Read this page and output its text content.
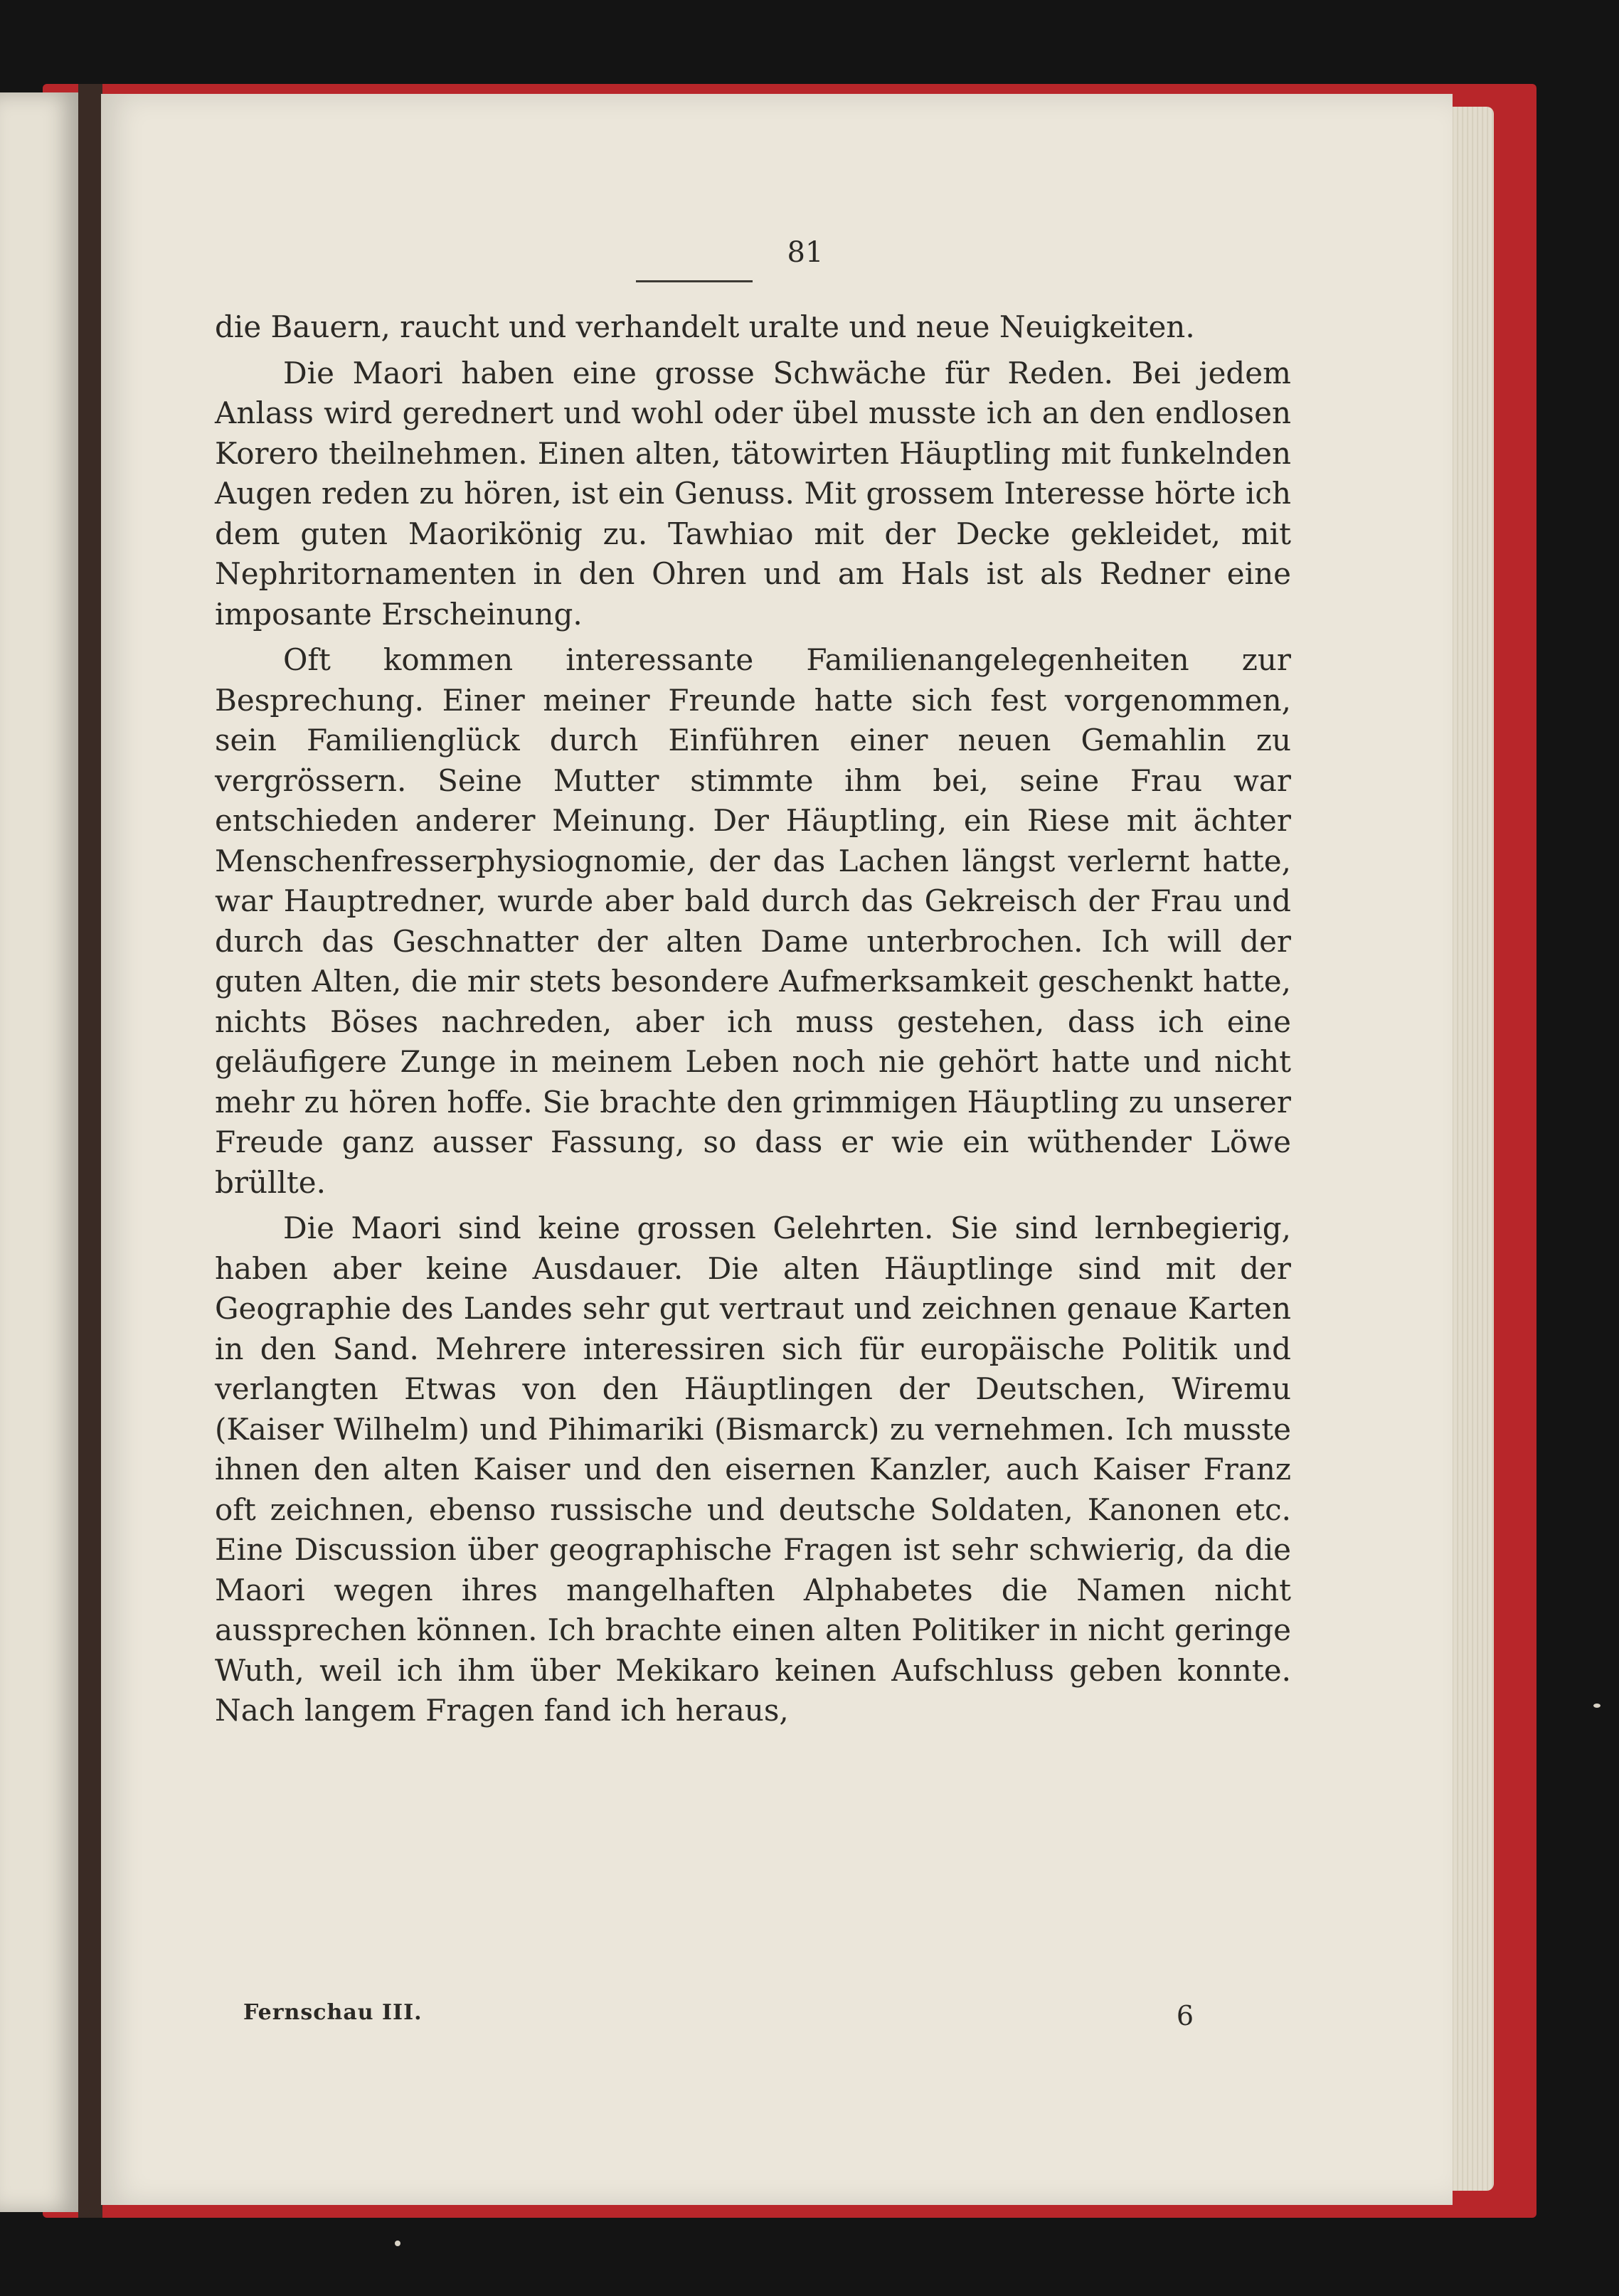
81

die Bauern, raucht und verhandelt uralte und neue Neuigkeiten.

Die Maori haben eine grosse Schwäche für Reden. Bei jedem Anlass wird gerednert und wohl oder übel musste ich an den endlosen Korero theilnehmen. Einen alten, tätowirten Häuptling mit funkelnden Augen reden zu hören, ist ein Genuss. Mit grossem Interesse hörte ich dem guten Maorikönig zu. Tawhiao mit der Decke gekleidet, mit Nephritornamenten in den Ohren und am Hals ist als Redner eine imposante Erscheinung.

Oft kommen interessante Familienangelegenheiten zur Besprechung. Einer meiner Freunde hatte sich fest vorgenommen, sein Familienglück durch Einführen einer neuen Gemahlin zu vergrössern. Seine Mutter stimmte ihm bei, seine Frau war entschieden anderer Meinung. Der Häuptling, ein Riese mit ächter Menschenfresserphysiognomie, der das Lachen längst verlernt hatte, war Hauptredner, wurde aber bald durch das Gekreisch der Frau und durch das Geschnatter der alten Dame unterbrochen. Ich will der guten Alten, die mir stets besondere Aufmerksamkeit geschenkt hatte, nichts Böses nachreden, aber ich muss gestehen, dass ich eine geläufigere Zunge in meinem Leben noch nie gehört hatte und nicht mehr zu hören hoffe. Sie brachte den grimmigen Häuptling zu unserer Freude ganz ausser Fassung, so dass er wie ein wüthender Löwe brüllte.

Die Maori sind keine grossen Gelehrten. Sie sind lernbegierig, haben aber keine Ausdauer. Die alten Häuptlinge sind mit der Geographie des Landes sehr gut vertraut und zeichnen genaue Karten in den Sand. Mehrere interessiren sich für europäische Politik und verlangten Etwas von den Häuptlingen der Deutschen, Wiremu (Kaiser Wilhelm) und Pihimariki (Bismarck) zu vernehmen. Ich musste ihnen den alten Kaiser und den eisernen Kanzler, auch Kaiser Franz oft zeichnen, ebenso russische und deutsche Soldaten, Kanonen etc. Eine Discussion über geographische Fragen ist sehr schwierig, da die Maori wegen ihres mangelhaften Alphabetes die Namen nicht aussprechen können. Ich brachte einen alten Politiker in nicht geringe Wuth, weil ich ihm über Mekikaro keinen Aufschluss geben konnte. Nach langem Fragen fand ich heraus,

Fernschau III.	6
